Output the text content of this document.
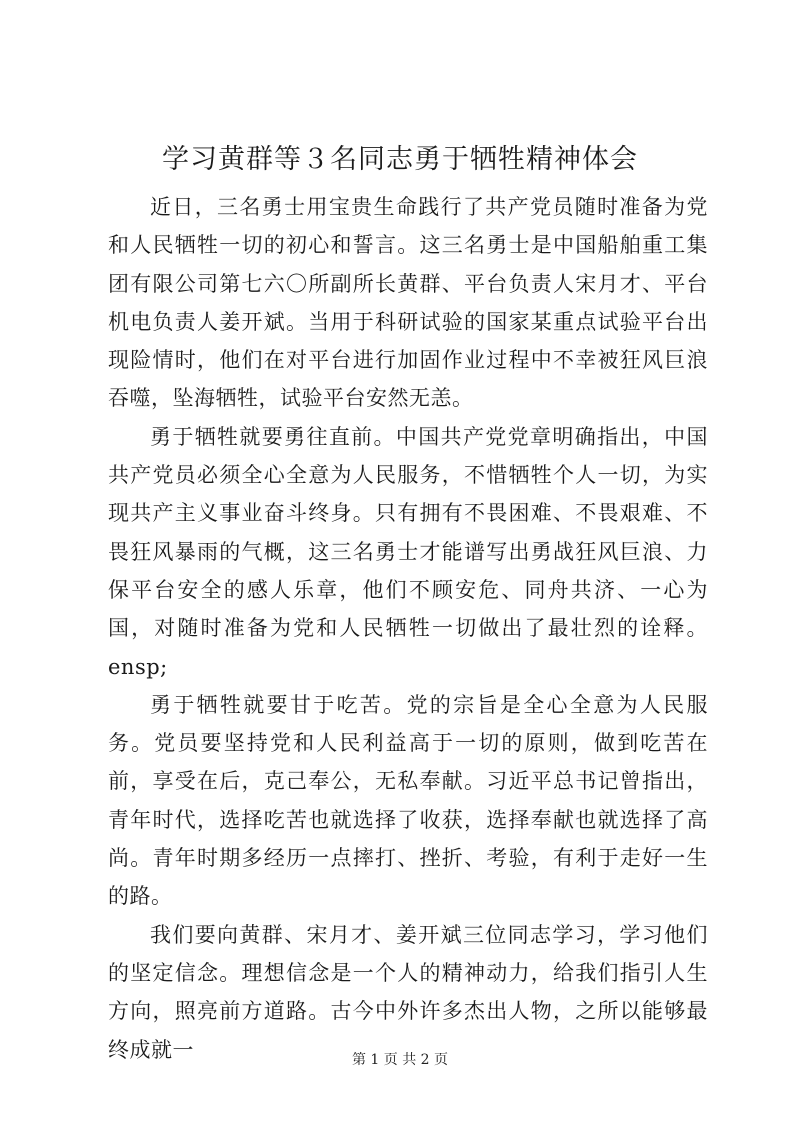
学习黄群等３名同志勇于牺牲精神体会

近日，三名勇士用宝贵生命践行了共产党员随时准备为党和人民牺牲一切的初心和誓言。这三名勇士是中国船舶重工集团有限公司第七六〇所副所长黄群、平台负责人宋月才、平台机电负责人姜开斌。当用于科研试验的国家某重点试验平台出现险情时，他们在对平台进行加固作业过程中不幸被狂风巨浪吞噬，坠海牺牲，试验平台安然无恙。

勇于牺牲就要勇往直前。中国共产党党章明确指出，中国共产党员必须全心全意为人民服务，不惜牺牲个人一切，为实现共产主义事业奋斗终身。只有拥有不畏困难、不畏艰难、不畏狂风暴雨的气概，这三名勇士才能谱写出勇战狂风巨浪、力保平台安全的感人乐章，他们不顾安危、同舟共济、一心为国，对随时准备为党和人民牺牲一切做出了最壮烈的诠释。ensp;

勇于牺牲就要甘于吃苦。党的宗旨是全心全意为人民服务。党员要坚持党和人民利益高于一切的原则，做到吃苦在前，享受在后，克己奉公，无私奉献。习近平总书记曾指出，青年时代，选择吃苦也就选择了收获，选择奉献也就选择了高尚。青年时期多经历一点摔打、挫折、考验，有利于走好一生的路。

我们要向黄群、宋月才、姜开斌三位同志学习，学习他们的坚定信念。理想信念是一个人的精神动力，给我们指引人生方向，照亮前方道路。古今中外许多杰出人物，之所以能够最终成就一	第 1 页 共 2 页
